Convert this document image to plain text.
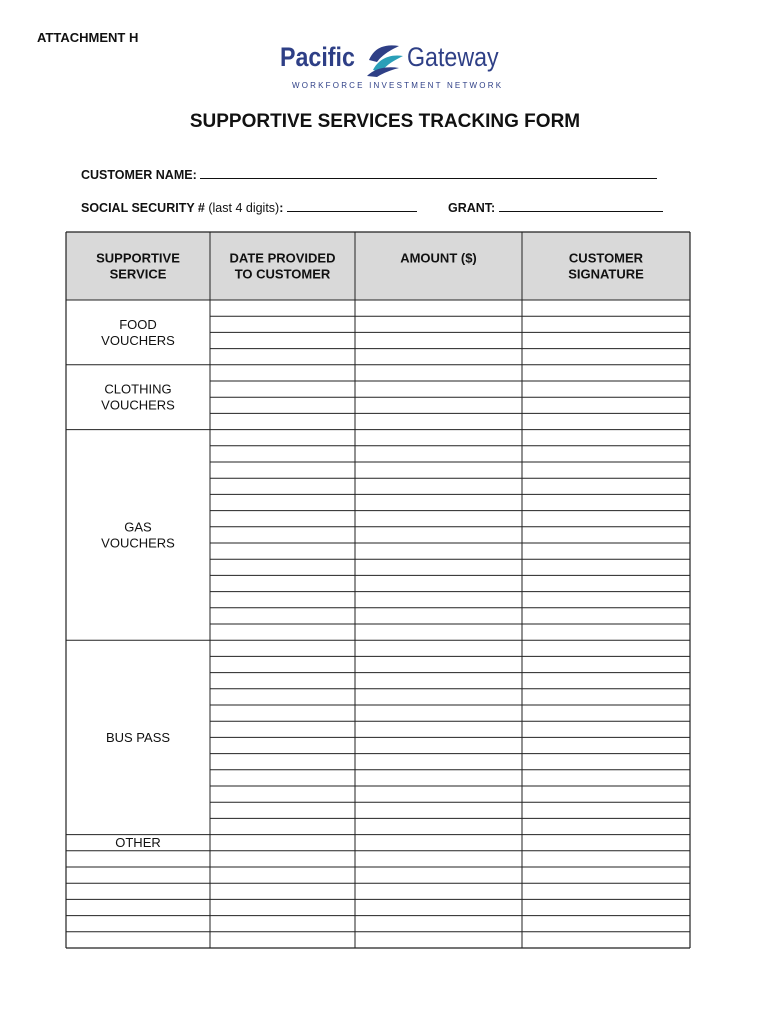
ATTACHMENT H
Pacific Gateway
WORKFORCE INVESTMENT NETWORK
SUPPORTIVE SERVICES TRACKING FORM
CUSTOMER NAME:
SOCIAL SECURITY # (last 4 digits):	GRANT:
SUPPORTIVE
SERVICE
DATE PROVIDED
TO CUSTOMER
AMOUNT ($)	CUSTOMER
SIGNATURE
FOOD
VOUCHERS
CLOTHING
VOUCHERS
GAS
VOUCHERS
BUS PASS
OTHER
